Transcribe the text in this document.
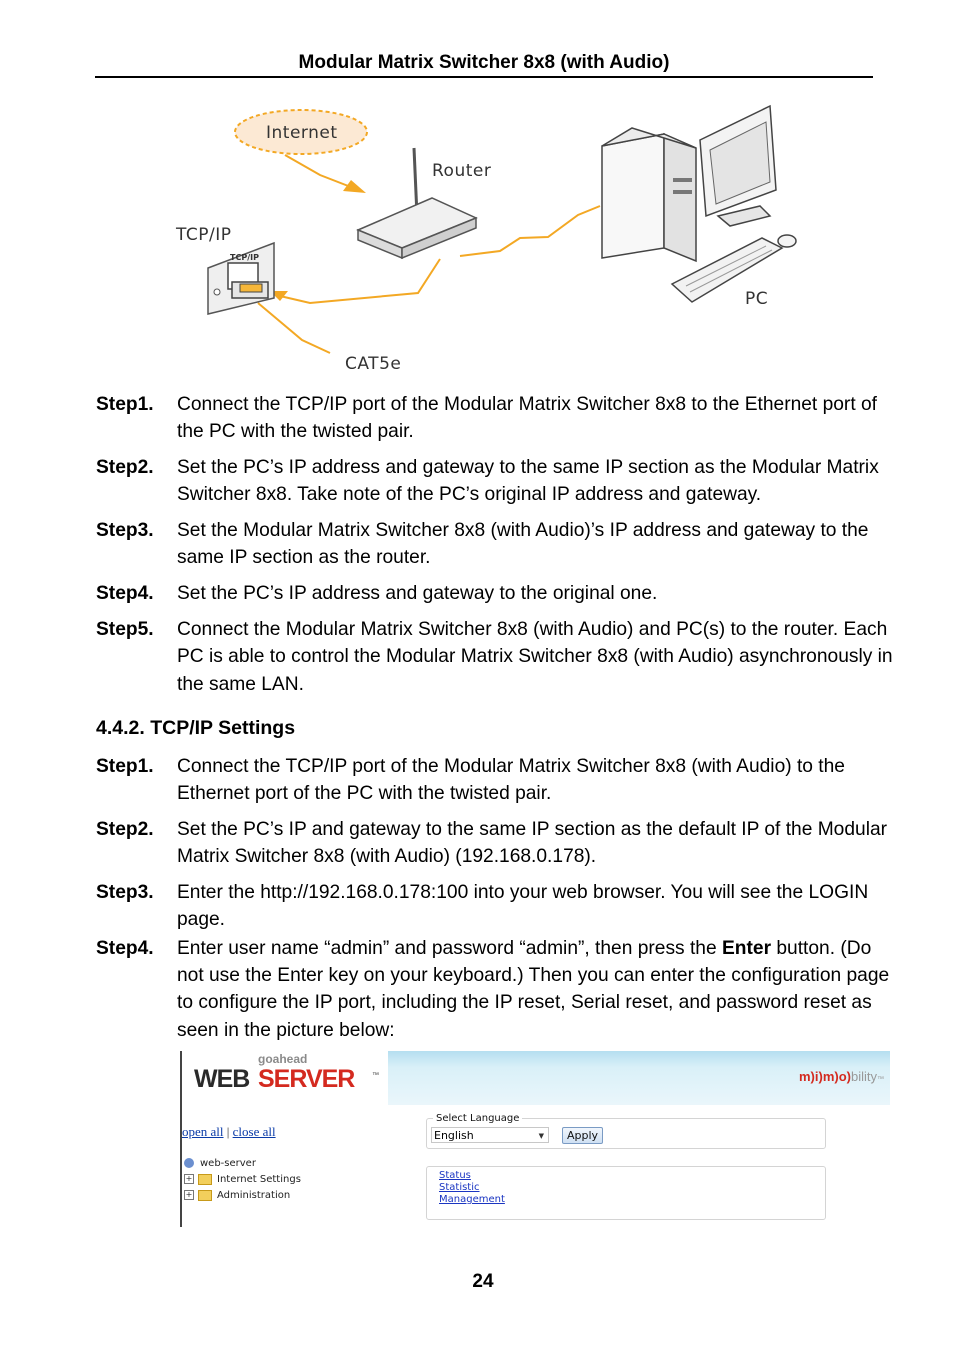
Modular Matrix Switcher 8x8 (with Audio)
Internet
Router
TCP/IP
TCP/IP
CAT5e
PC
Step1.	Connect the TCP/IP port of the Modular Matrix Switcher 8x8 to the Ethernet port of the PC with the twisted pair.
Step2.	Set the PC’s IP address and gateway to the same IP section as the Modular Matrix Switcher 8x8. Take note of the PC’s original IP address and gateway.
Step3.	Set the Modular Matrix Switcher 8x8 (with Audio)’s IP address and gateway to the same IP section as the router.
Step4.	Set the PC’s IP address and gateway to the original one.
Step5.	Connect the Modular Matrix Switcher 8x8 (with Audio) and PC(s) to the router. Each PC is able to control the Modular Matrix Switcher 8x8 (with Audio) asynchronously in the same LAN.
4.4.2. TCP/IP Settings
Step1.	Connect the TCP/IP port of the Modular Matrix Switcher 8x8 (with Audio) to the Ethernet port of the PC with the twisted pair.
Step2.	Set the PC’s IP and gateway to the same IP section as the default IP of the Modular Matrix Switcher 8x8 (with Audio) (192.168.0.178).
Step3.	Enter the http://192.168.0.178:100 into your web browser. You will see the LOGIN page.
Step4.	Enter user name “admin” and password “admin”, then press the Enter button. (Do not use the Enter key on your keyboard.) Then you can enter the configuration page to configure the IP port, including the IP reset, Serial reset, and password reset as seen in the picture below:
goahead
WEB SERVER	™	m)i)m)o)bility™
open all | close all
web-server
+ Internet Settings
+ Administration
Select Language
English	▼	Apply
Status
Statistic
Management
24
